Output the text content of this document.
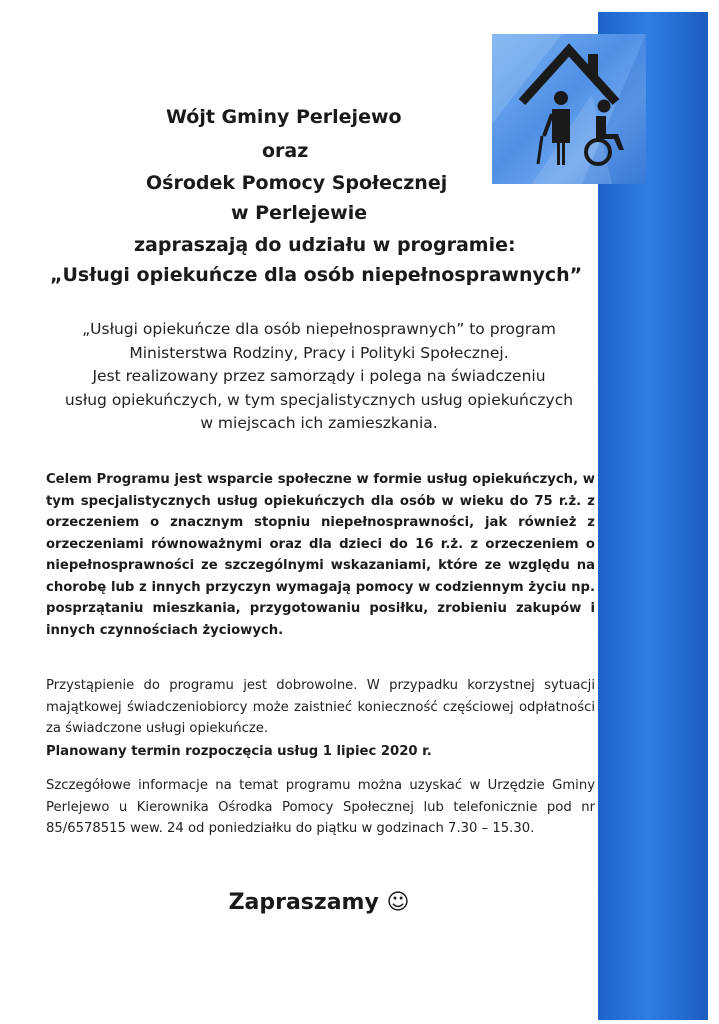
Wójt Gminy Perlejewo

oraz

Ośrodek Pomocy Społecznej

w Perlejewie

zapraszają do udziału w programie:

„Usługi opiekuńcze dla osób niepełnosprawnych”

„Usługi opiekuńcze dla osób niepełnosprawnych” to program
Ministerstwa Rodziny, Pracy i Polityki Społecznej.
Jest realizowany przez samorządy i polega na świadczeniu
usług opiekuńczych, w tym specjalistycznych usług opiekuńczych
w miejscach ich zamieszkania.

Celem Programu jest wsparcie społeczne w formie usług opiekuńczych, w tym specjalistycznych usług opiekuńczych dla osób w wieku do 75 r.ż. z orzeczeniem o znacznym stopniu niepełnosprawności, jak również z orzeczeniami równoważnymi oraz dla dzieci do 16 r.ż. z orzeczeniem o niepełnosprawności ze szczególnymi wskazaniami, które ze względu na chorobę lub z innych przyczyn wymagają pomocy w codziennym życiu np. posprzątaniu mieszkania, przygotowaniu posiłku, zrobieniu zakupów i innych czynnościach życiowych.

Przystąpienie do programu jest dobrowolne. W przypadku korzystnej sytuacji majątkowej świadczeniobiorcy może zaistnieć konieczność częściowej odpłatności za świadczone usługi opiekuńcze.

Planowany termin rozpoczęcia usług 1 lipiec 2020 r.

Szczegółowe informacje na temat programu można uzyskać w Urzędzie Gminy Perlejewo u Kierownika Ośrodka Pomocy Społecznej lub telefonicznie pod nr 85/6578515 wew. 24 od poniedziałku do piątku w godzinach 7.30 – 15.30.

Zapraszamy ☺
